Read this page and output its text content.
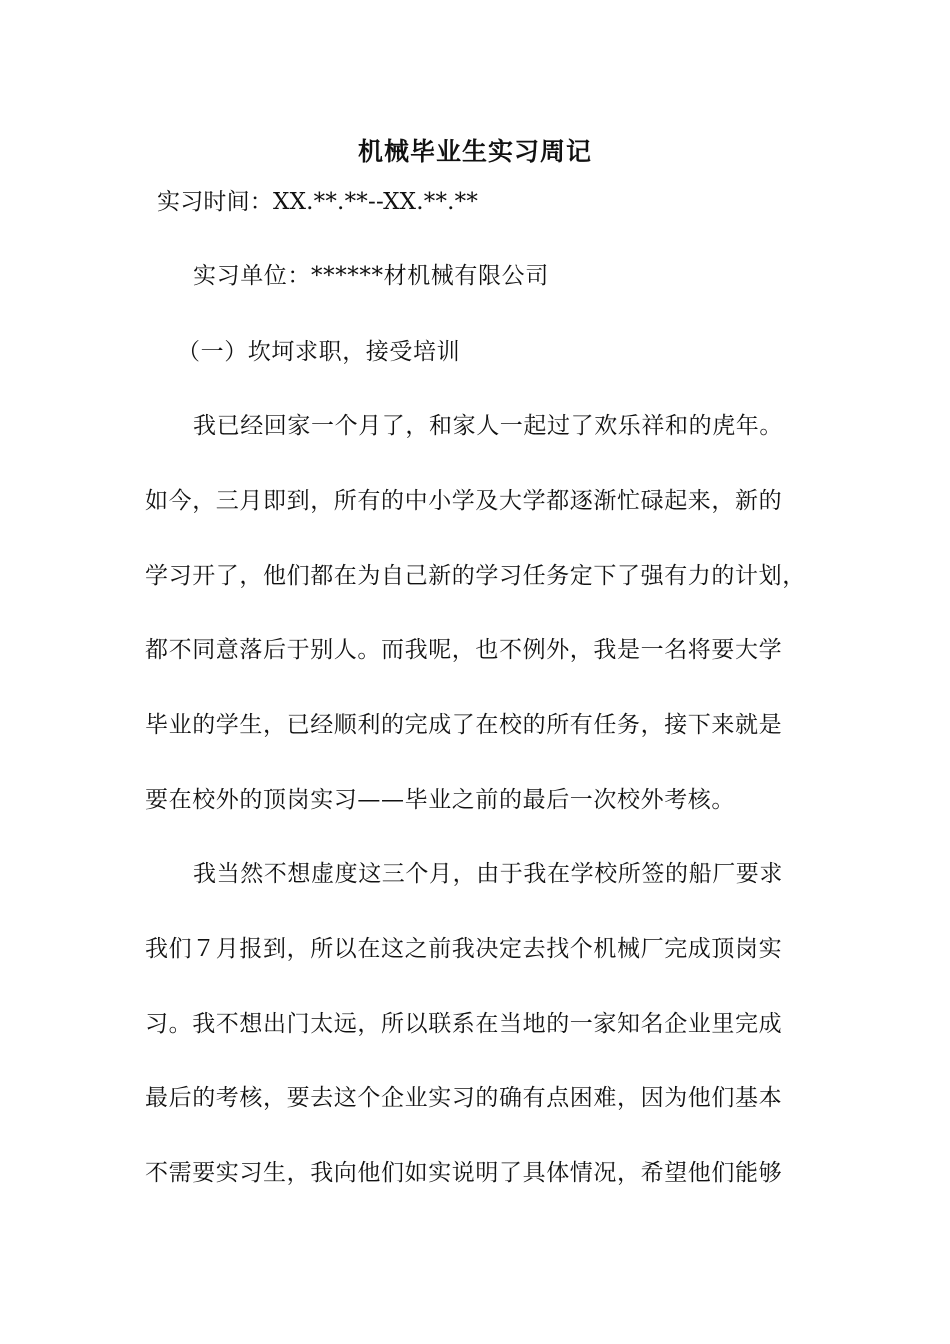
机械毕业生实习周记

实习时间：XX.**.**--XX.**.**

实习单位：******材机械有限公司

（一）坎坷求职，接受培训

我已经回家一个月了，和家人一起过了欢乐祥和的虎年。

如今，三月即到，所有的中小学及大学都逐渐忙碌起来，新的

学习开了，他们都在为自己新的学习任务定下了强有力的计划，

都不同意落后于别人。而我呢，也不例外，我是一名将要大学

毕业的学生，已经顺利的完成了在校的所有任务，接下来就是

要在校外的顶岗实习——毕业之前的最后一次校外考核。

我当然不想虚度这三个月，由于我在学校所签的船厂要求

我们７月报到，所以在这之前我决定去找个机械厂完成顶岗实

习。我不想出门太远，所以联系在当地的一家知名企业里完成

最后的考核，要去这个企业实习的确有点困难，因为他们基本

不需要实习生，我向他们如实说明了具体情况，希望他们能够
